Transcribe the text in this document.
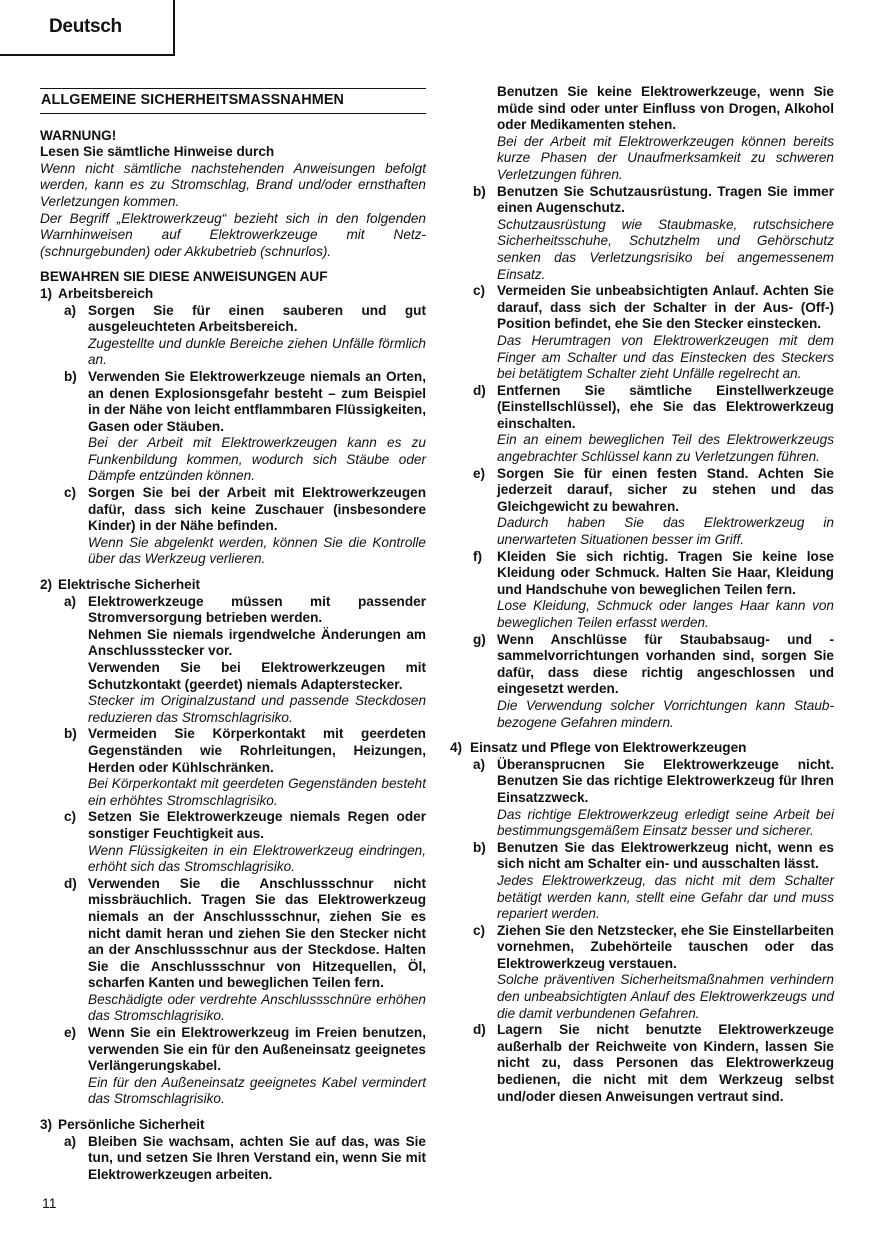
Deutsch
ALLGEMEINE SICHERHEITSMASSNAHMEN
WARNUNG!
Lesen Sie sämtliche Hinweise durch
Wenn nicht sämtliche nachstehenden Anweisungen befolgt werden, kann es zu Stromschlag, Brand und/oder ernsthaften Verletzungen kommen.
Der Begriff „Elektrowerkzeug“ bezieht sich in den folgenden Warnhinweisen auf Elektrowerkzeuge mit Netz- (schnurgebunden) oder Akkubetrieb (schnurlos).
BEWAHREN SIE DIESE ANWEISUNGEN AUF
1) Arbeitsbereich
a) Sorgen Sie für einen sauberen und gut ausgeleuchteten Arbeitsbereich.
Zugestellte und dunkle Bereiche ziehen Unfälle förmlich an.
b) Verwenden Sie Elektrowerkzeuge niemals an Orten, an denen Explosionsgefahr besteht – zum Beispiel in der Nähe von leicht entflammbaren Flüssigkeiten, Gasen oder Stäuben.
Bei der Arbeit mit Elektrowerkzeugen kann es zu Funkenbildung kommen, wodurch sich Stäube oder Dämpfe entzünden können.
c) Sorgen Sie bei der Arbeit mit Elektrowerkzeugen dafür, dass sich keine Zuschauer (insbesondere Kinder) in der Nähe befinden.
Wenn Sie abgelenkt werden, können Sie die Kontrolle über das Werkzeug verlieren.
2) Elektrische Sicherheit
a) Elektrowerkzeuge müssen mit passender Stromversorgung betrieben werden.
Nehmen Sie niemals irgendwelche Änderungen am Anschlussstecker vor.
Verwenden Sie bei Elektrowerkzeugen mit Schutzkontakt (geerdet) niemals Adapterstecker.
Stecker im Originalzustand und passende Steckdosen reduzieren das Stromschlagrisiko.
b) Vermeiden Sie Körperkontakt mit geerdeten Gegenständen wie Rohrleitungen, Heizungen, Herden oder Kühlschränken.
Bei Körperkontakt mit geerdeten Gegenständen besteht ein erhöhtes Stromschlagrisiko.
c) Setzen Sie Elektrowerkzeuge niemals Regen oder sonstiger Feuchtigkeit aus.
Wenn Flüssigkeiten in ein Elektrowerkzeug eindringen, erhöht sich das Stromschlagrisiko.
d) Verwenden Sie die Anschlussschnur nicht missbräuchlich. Tragen Sie das Elektrowerkzeug niemals an der Anschlussschnur, ziehen Sie es nicht damit heran und ziehen Sie den Stecker nicht an der Anschlussschnur aus der Steckdose. Halten Sie die Anschlussschnur von Hitzequellen, Öl, scharfen Kanten und beweglichen Teilen fern.
Beschädigte oder verdrehte Anschlussschnüre erhöhen das Stromschlagrisiko.
e) Wenn Sie ein Elektrowerkzeug im Freien benutzen, verwenden Sie ein für den Außeneinsatz geeignetes Verlängerungskabel.
Ein für den Außeneinsatz geeignetes Kabel vermindert das Stromschlagrisiko.
3) Persönliche Sicherheit
a) Bleiben Sie wachsam, achten Sie auf das, was Sie tun, und setzen Sie Ihren Verstand ein, wenn Sie mit Elektrowerkzeugen arbeiten.
Benutzen Sie keine Elektrowerkzeuge, wenn Sie müde sind oder unter Einfluss von Drogen, Alkohol oder Medikamenten stehen.
Bei der Arbeit mit Elektrowerkzeugen können bereits kurze Phasen der Unaufmerksamkeit zu schweren Verletzungen führen.
b) Benutzen Sie Schutzausrüstung. Tragen Sie immer einen Augenschutz.
Schutzausrüstung wie Staubmaske, rutschsichere Sicherheitsschuhe, Schutzhelm und Gehörschutz senken das Verletzungsrisiko bei angemessenem Einsatz.
c) Vermeiden Sie unbeabsichtigten Anlauf. Achten Sie darauf, dass sich der Schalter in der Aus- (Off-) Position befindet, ehe Sie den Stecker einstecken.
Das Herumtragen von Elektrowerkzeugen mit dem Finger am Schalter und das Einstecken des Steckers bei betätigtem Schalter zieht Unfälle regelrecht an.
d) Entfernen Sie sämtliche Einstellwerkzeuge (Einstellschlüssel), ehe Sie das Elektrowerkzeug einschalten.
Ein an einem beweglichen Teil des Elektrowerkzeugs angebrachter Schlüssel kann zu Verletzungen führen.
e) Sorgen Sie für einen festen Stand. Achten Sie jederzeit darauf, sicher zu stehen und das Gleichgewicht zu bewahren.
Dadurch haben Sie das Elektrowerkzeug in unerwarteten Situationen besser im Griff.
f) Kleiden Sie sich richtig. Tragen Sie keine lose Kleidung oder Schmuck. Halten Sie Haar, Kleidung und Handschuhe von beweglichen Teilen fern.
Lose Kleidung, Schmuck oder langes Haar kann von beweglichen Teilen erfasst werden.
g) Wenn Anschlüsse für Staubabsaug- und -sammelvorrichtungen vorhanden sind, sorgen Sie dafür, dass diese richtig angeschlossen und eingesetzt werden.
Die Verwendung solcher Vorrichtungen kann Staub-bezogene Gefahren mindern.
4) Einsatz und Pflege von Elektrowerkzeugen
a) Überansprucnen Sie Elektrowerkzeuge nicht. Benutzen Sie das richtige Elektrowerkzeug für Ihren Einsatzzweck.
Das richtige Elektrowerkzeug erledigt seine Arbeit bei bestimmungsgemäßem Einsatz besser und sicherer.
b) Benutzen Sie das Elektrowerkzeug nicht, wenn es sich nicht am Schalter ein- und ausschalten lässt.
Jedes Elektrowerkzeug, das nicht mit dem Schalter betätigt werden kann, stellt eine Gefahr dar und muss repariert werden.
c) Ziehen Sie den Netzstecker, ehe Sie Einstellarbeiten vornehmen, Zubehörteile tauschen oder das Elektrowerkzeug verstauen.
Solche präventiven Sicherheitsmaßnahmen verhindern den unbeabsichtigten Anlauf des Elektrowerkzeugs und die damit verbundenen Gefahren.
d) Lagern Sie nicht benutzte Elektrowerkzeuge außerhalb der Reichweite von Kindern, lassen Sie nicht zu, dass Personen das Elektrowerkzeug bedienen, die nicht mit dem Werkzeug selbst und/oder diesen Anweisungen vertraut sind.
11
